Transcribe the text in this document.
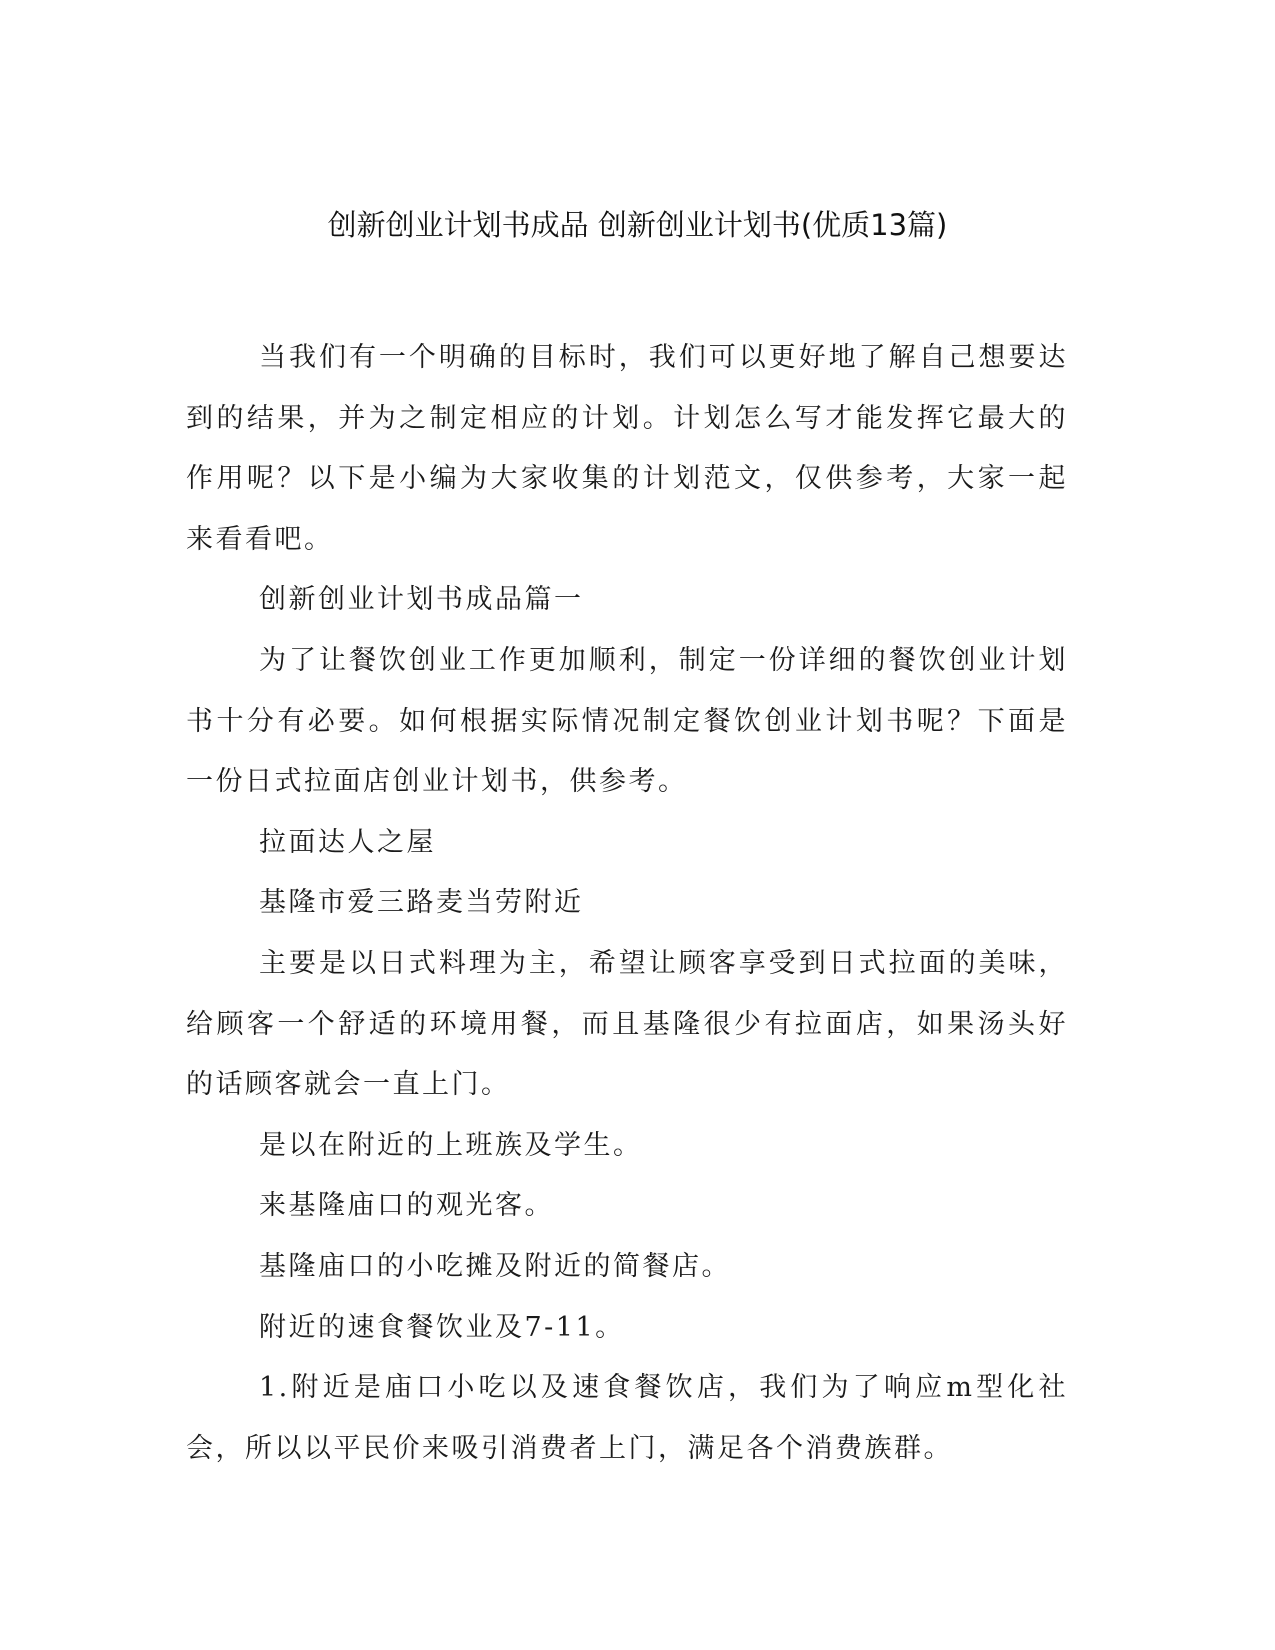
创新创业计划书成品 创新创业计划书(优质13篇)

当我们有一个明确的目标时，我们可以更好地了解自己想要达到的结果，并为之制定相应的计划。计划怎么写才能发挥它最大的作用呢？以下是小编为大家收集的计划范文，仅供参考，大家一起来看看吧。

创新创业计划书成品篇一

为了让餐饮创业工作更加顺利，制定一份详细的餐饮创业计划书十分有必要。如何根据实际情况制定餐饮创业计划书呢？下面是一份日式拉面店创业计划书，供参考。

拉面达人之屋

基隆市爱三路麦当劳附近

主要是以日式料理为主，希望让顾客享受到日式拉面的美味，给顾客一个舒适的环境用餐，而且基隆很少有拉面店，如果汤头好的话顾客就会一直上门。

是以在附近的上班族及学生。

来基隆庙口的观光客。

基隆庙口的小吃摊及附近的简餐店。

附近的速食餐饮业及7-11。

1.附近是庙口小吃以及速食餐饮店，我们为了响应m型化社会，所以以平民价来吸引消费者上门，满足各个消费族群。
